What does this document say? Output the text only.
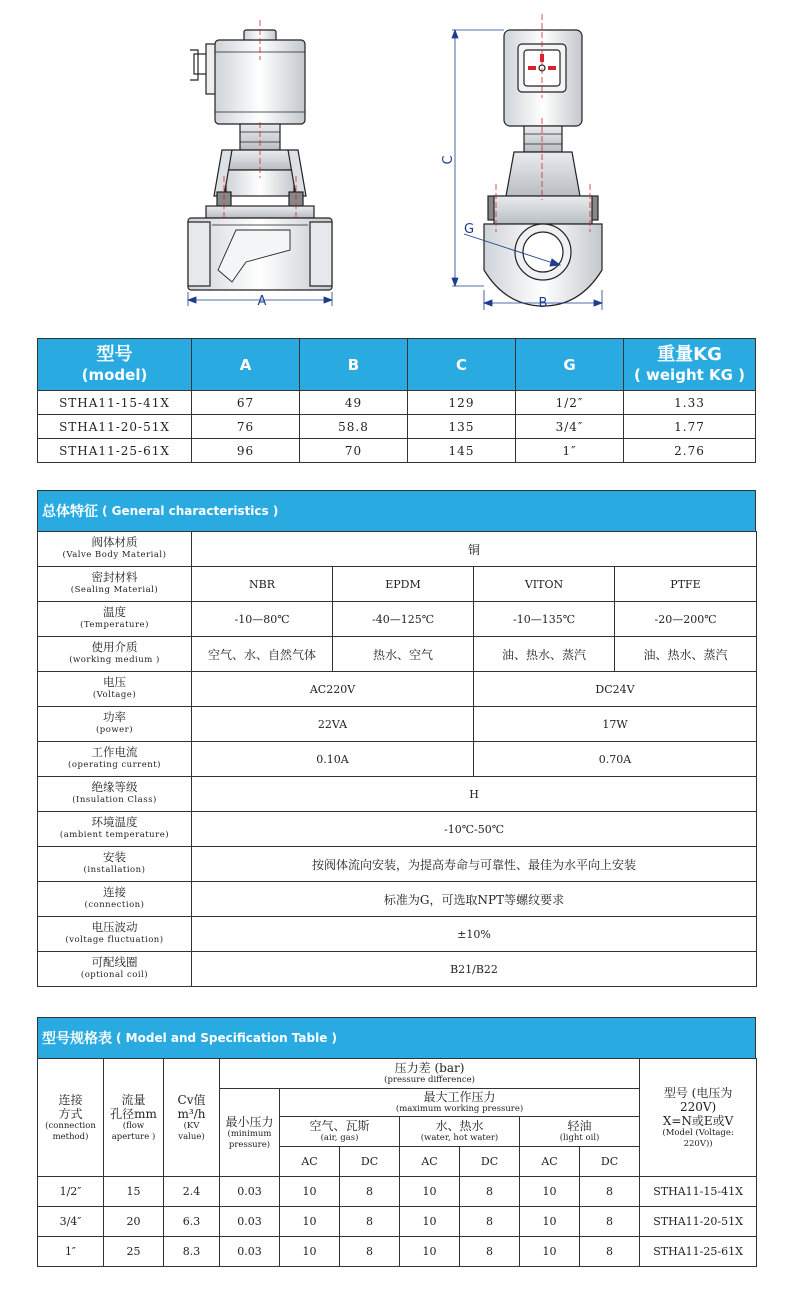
A
C
G
B
型号
(model)	A	B	C	G	重量KG
( weight KG )
STHA11-15-41X	67	49	129	1/2″	1.33
STHA11-20-51X	76	58.8	135	3/4″	1.77
STHA11-25-61X	96	70	145	1″	2.76
总体特征 ( General characteristics )
阀体材质
(Valve Body Material)	铜			

密封材料
(Sealing Material)	NBR	EPDM	VITON	PTFE

温度
(Temperature)	-10—80℃	-40—125℃	-10—135℃	-20—200℃

使用介质
(working medium )	空气、水、自然气体	热水、空气	油、热水、蒸汽	油、热水、蒸汽

电压
(Voltage)	AC220V		DC24V	

功率
(power)	22VA		17W	

工作电流
(operating current)	0.10A		0.70A	

绝缘等级
(Insulation Class)	H			

环境温度
(ambient temperature)	-10℃-50℃			

安装
(installation)	按阀体流向安装，为提高寿命与可靠性、最佳为水平向上安装			

连接
(connection)	标准为G，可选取NPT等螺纹要求			

电压波动
(voltage fluctuation)	±10%			

可配线圈
(optional coil)	B21/B22			
型号规格表 ( Model and Specification Table )
连接
方式
(connection
method)	流量
孔径mm
(flow
aperture )	Cv值
m³/h
(KV
value)	压力差 (bar)
(pressure difference)							型号 (电压为
220V)
X=N或E或V
(Model (Voltage:
220V))

			最小压力
(minimum
pressure)	最大工作压力
(maximum working pressure)						

				空气、瓦斯
(air, gas)		水、热水
(water, hot water)		轻油
(light oil)		

				AC	DC	AC	DC	AC	DC	
1/2″	15	2.4	0.03	10	8	10	8	10	8	STHA11-15-41X
3/4″	20	6.3	0.03	10	8	10	8	10	8	STHA11-20-51X
1″	25	8.3	0.03	10	8	10	8	10	8	STHA11-25-61X
